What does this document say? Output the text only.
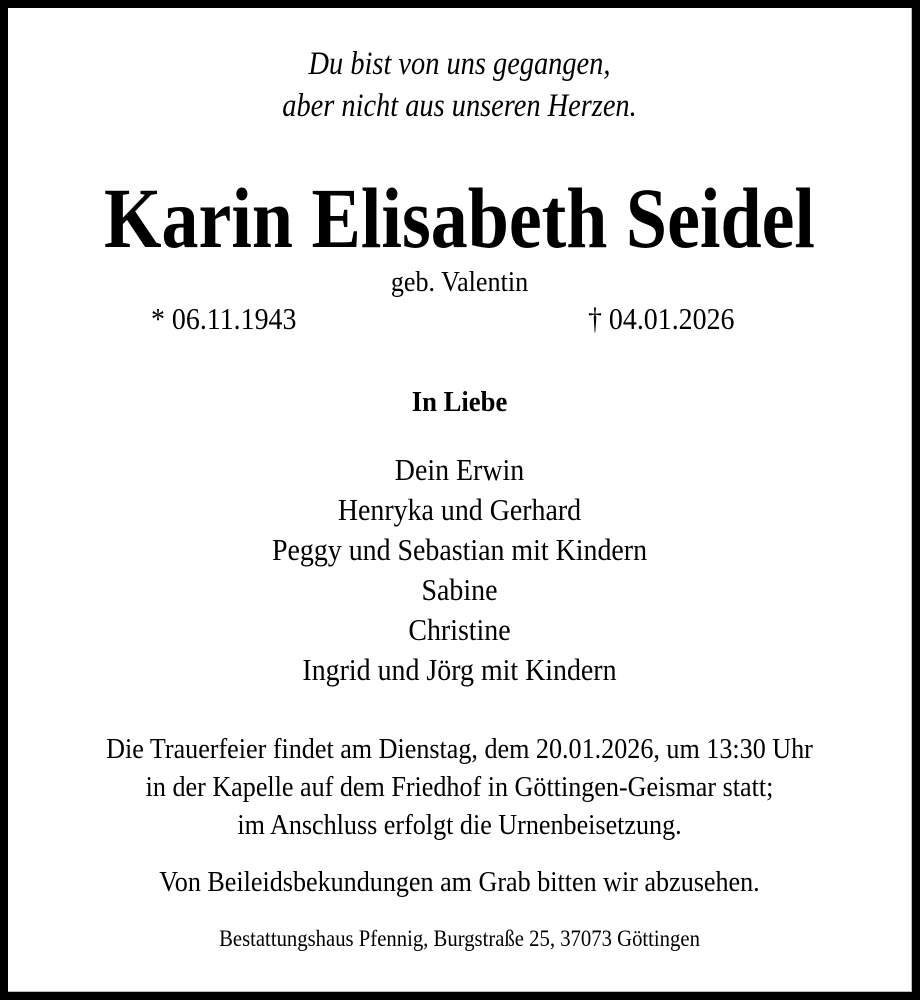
Du bist von uns gegangen,
aber nicht aus unseren Herzen.
Karin Elisabeth Seidel
geb. Valentin
* 06.11.1943	† 04.01.2026
In Liebe
Dein Erwin
Henryka und Gerhard
Peggy und Sebastian mit Kindern
Sabine
Christine
Ingrid und Jörg mit Kindern
Die Trauerfeier findet am Dienstag, dem 20.01.2026, um 13:30 Uhr
in der Kapelle auf dem Friedhof in Göttingen-Geismar statt;
im Anschluss erfolgt die Urnenbeisetzung.
Von Beileidsbekundungen am Grab bitten wir abzusehen.
Bestattungshaus Pfennig, Burgstraße 25, 37073 Göttingen
